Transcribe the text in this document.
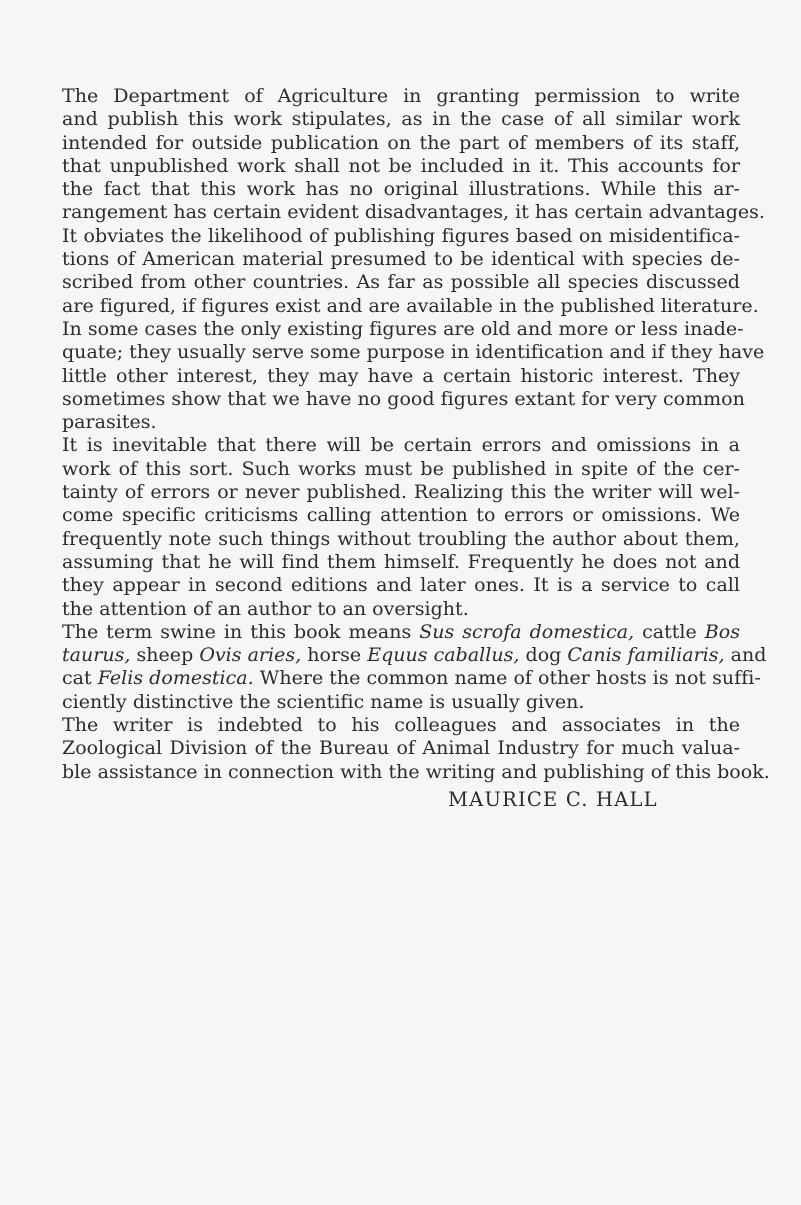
The Department of Agriculture in granting permission to write
and publish this work stipulates, as in the case of all similar work
intended for outside publication on the part of members of its staff,
that unpublished work shall not be included in it. This accounts for
the fact that this work has no original illustrations. While this ar-
rangement has certain evident disadvantages, it has certain advantages.
It obviates the likelihood of publishing figures based on misidentifica-
tions of American material presumed to be identical with species de-
scribed from other countries. As far as possible all species discussed
are figured, if figures exist and are available in the published literature.
In some cases the only existing figures are old and more or less inade-
quate; they usually serve some purpose in identification and if they have
little other interest, they may have a certain historic interest. They
sometimes show that we have no good figures extant for very common
parasites.
It is inevitable that there will be certain errors and omissions in a
work of this sort. Such works must be published in spite of the cer-
tainty of errors or never published. Realizing this the writer will wel-
come specific criticisms calling attention to errors or omissions. We
frequently note such things without troubling the author about them,
assuming that he will find them himself. Frequently he does not and
they appear in second editions and later ones. It is a service to call
the attention of an author to an oversight.
The term swine in this book means Sus scrofa domestica, cattle Bos
taurus, sheep Ovis aries, horse Equus caballus, dog Canis familiaris, and
cat Felis domestica. Where the common name of other hosts is not suffi-
ciently distinctive the scientific name is usually given.
The writer is indebted to his colleagues and associates in the
Zoological Division of the Bureau of Animal Industry for much valua-
ble assistance in connection with the writing and publishing of this book.
MAURICE C. HALL
